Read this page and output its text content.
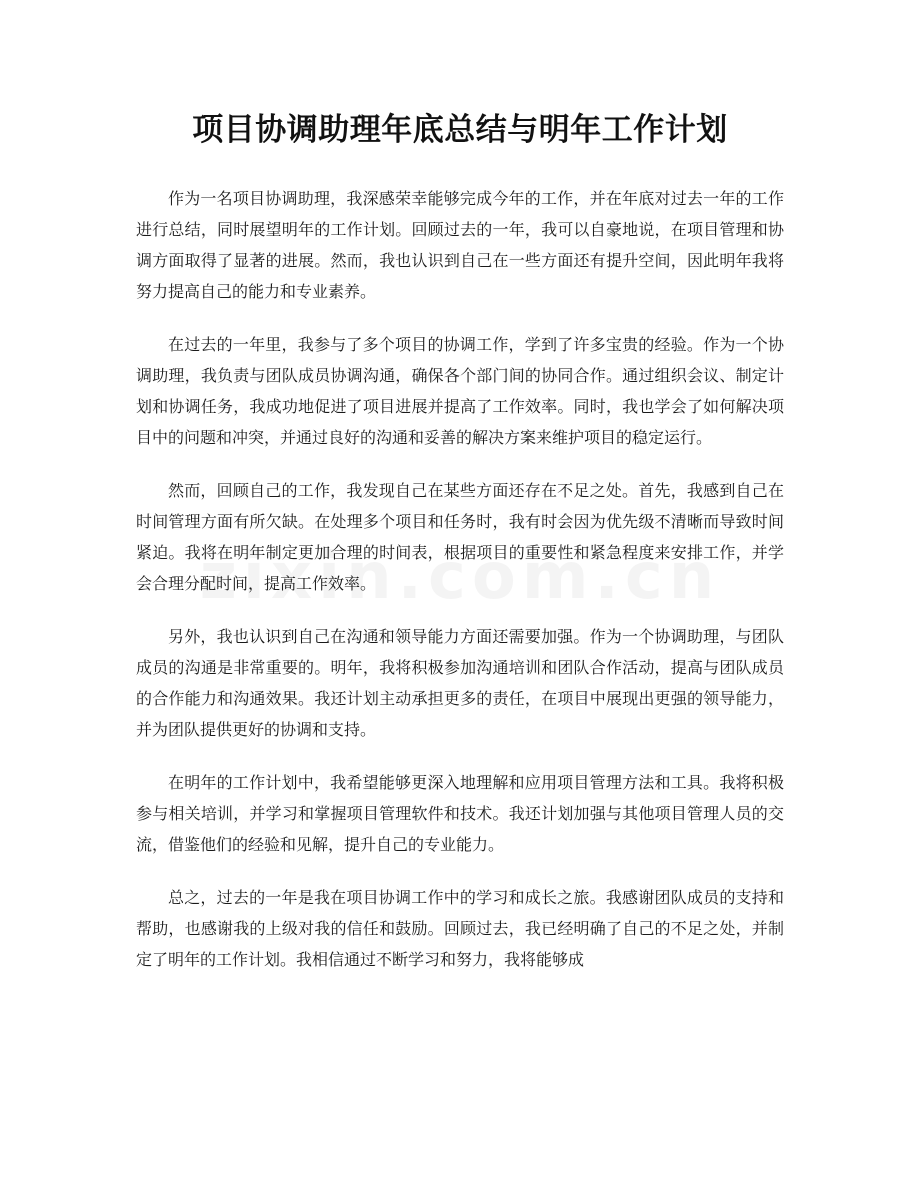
项目协调助理年底总结与明年工作计划

作为一名项目协调助理，我深感荣幸能够完成今年的工作，并在年底对过去一年的工作进行总结，同时展望明年的工作计划。回顾过去的一年，我可以自豪地说，在项目管理和协调方面取得了显著的进展。然而，我也认识到自己在一些方面还有提升空间，因此明年我将努力提高自己的能力和专业素养。

在过去的一年里，我参与了多个项目的协调工作，学到了许多宝贵的经验。作为一个协调助理，我负责与团队成员协调沟通，确保各个部门间的协同合作。通过组织会议、制定计划和协调任务，我成功地促进了项目进展并提高了工作效率。同时，我也学会了如何解决项目中的问题和冲突，并通过良好的沟通和妥善的解决方案来维护项目的稳定运行。

然而，回顾自己的工作，我发现自己在某些方面还存在不足之处。首先，我感到自己在时间管理方面有所欠缺。在处理多个项目和任务时，我有时会因为优先级不清晰而导致时间紧迫。我将在明年制定更加合理的时间表，根据项目的重要性和紧急程度来安排工作，并学会合理分配时间，提高工作效率。

另外，我也认识到自己在沟通和领导能力方面还需要加强。作为一个协调助理，与团队成员的沟通是非常重要的。明年，我将积极参加沟通培训和团队合作活动，提高与团队成员的合作能力和沟通效果。我还计划主动承担更多的责任，在项目中展现出更强的领导能力，并为团队提供更好的协调和支持。

在明年的工作计划中，我希望能够更深入地理解和应用项目管理方法和工具。我将积极参与相关培训，并学习和掌握项目管理软件和技术。我还计划加强与其他项目管理人员的交流，借鉴他们的经验和见解，提升自己的专业能力。

总之，过去的一年是我在项目协调工作中的学习和成长之旅。我感谢团队成员的支持和帮助，也感谢我的上级对我的信任和鼓励。回顾过去，我已经明确了自己的不足之处，并制定了明年的工作计划。我相信通过不断学习和努力，我将能够成
